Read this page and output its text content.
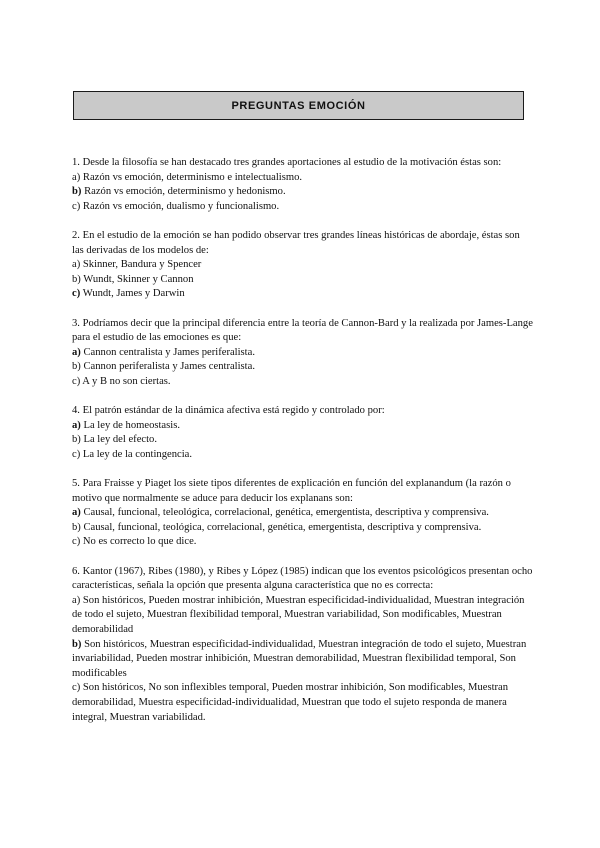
PREGUNTAS EMOCIÓN

1. Desde la filosofía se han destacado tres grandes aportaciones al estudio de la motivación éstas son:

a) Razón vs emoción, determinismo e intelectualismo.

b) Razón vs emoción, determinismo y hedonismo.

c) Razón vs emoción, dualismo y funcionalismo.

2. En el estudio de la emoción se han podido observar tres grandes líneas históricas de abordaje, éstas son las derivadas de los modelos de:

a) Skinner, Bandura y Spencer

b) Wundt, Skinner y Cannon

c) Wundt, James y Darwin

3. Podríamos decir que la principal diferencia entre la teoría de Cannon-Bard y la realizada por James-Lange para el estudio de las emociones es que:

a) Cannon centralista y James periferalista.

b) Cannon periferalista y James centralista.

c) A y B no son ciertas.

4. El patrón estándar de la dinámica afectiva está regido y controlado por:

a) La ley de homeostasis.

b) La ley del efecto.

c) La ley de la contingencia.

5. Para Fraisse y Piaget los siete tipos diferentes de explicación en función del explanandum (la razón o motivo que normalmente se aduce para deducir los explanans son:

a) Causal, funcional, teleológica, correlacional, genética, emergentista, descriptiva y comprensiva.

b) Causal, funcional, teológica, correlacional, genética, emergentista, descriptiva y comprensiva.

c) No es correcto lo que dice.

6. Kantor (1967), Ribes (1980), y Ribes y López (1985) indican que los eventos psicológicos presentan ocho características, señala la opción que presenta alguna característica que no es correcta:

a) Son históricos, Pueden mostrar inhibición, Muestran especificidad-individualidad, Muestran integración de todo el sujeto, Muestran flexibilidad temporal, Muestran variabilidad, Son modificables, Muestran demorabilidad

b) Son históricos, Muestran especificidad-individualidad, Muestran integración de todo el sujeto, Muestran invariabilidad, Pueden mostrar inhibición, Muestran demorabilidad, Muestran flexibilidad temporal, Son modificables

c) Son históricos, No son inflexibles temporal, Pueden mostrar inhibición, Son modificables, Muestran demorabilidad, Muestra especificidad-individualidad, Muestran que todo el sujeto responda de manera integral, Muestran variabilidad.
